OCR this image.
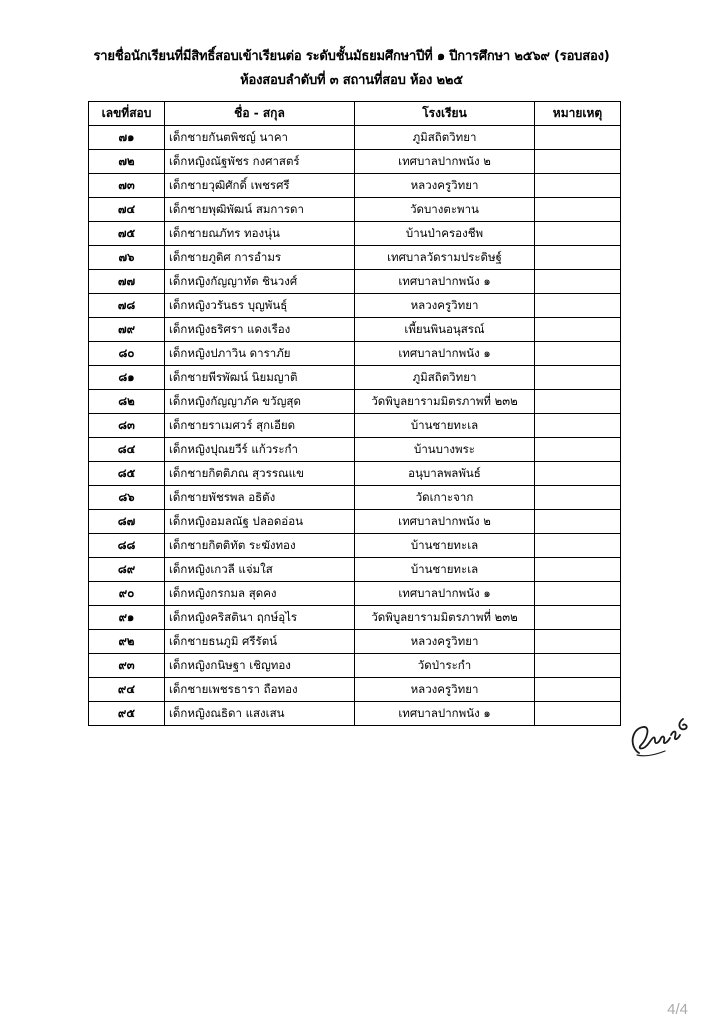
รายชื่อนักเรียนที่มีสิทธิ์สอบเข้าเรียนต่อ ระดับชั้นมัธยมศึกษาปีที่ ๑ ปีการศึกษา ๒๕๖๙ (รอบสอง)
ห้องสอบลำดับที่ ๓ สถานที่สอบ ห้อง ๒๒๕
เลขที่สอบ	ชื่อ - สกุล	โรงเรียน	หมายเหตุ
๗๑	เด็กชายกันตพิชญ์ นาคา	ภูมิสถิตวิทยา	
๗๒	เด็กหญิงณัฐพัชร กงศาสตร์	เทศบาลปากพนัง ๒	
๗๓	เด็กชายวุฒิศักดิ์ เพชรศรี	หลวงครูวิทยา	
๗๔	เด็กชายพุฒิพัฒน์ สมการดา	วัดบางตะพาน	
๗๕	เด็กชายณภัทร ทองนุ่น	บ้านป่าครองชีพ	
๗๖	เด็กชายภูดิศ การอำมร	เทศบาลวัดรามประดิษฐ์	
๗๗	เด็กหญิงกัญญาทัต ชินวงศ์	เทศบาลปากพนัง ๑	
๗๘	เด็กหญิงวรันธร บุญพันธุ์	หลวงครูวิทยา	
๗๙	เด็กหญิงธริศรา แดงเรือง	เพี้ยนพินอนุสรณ์	
๘๐	เด็กหญิงปภาวิน ดาราภัย	เทศบาลปากพนัง ๑	
๘๑	เด็กชายพีรพัฒน์ นิยมญาติ	ภูมิสถิตวิทยา	
๘๒	เด็กหญิงกัญญาภัค ขวัญสุด	วัดพิบูลยารามมิตรภาพที่ ๒๓๒	
๘๓	เด็กชายราเมศวร์ สุกเอียด	บ้านชายทะเล	
๘๔	เด็กหญิงปุณยวีร์ แก้วระกำ	บ้านบางพระ	
๘๕	เด็กชายกิตติภณ สุวรรณแข	อนุบาลพลพันธ์	
๘๖	เด็กชายพัชรพล อธิตัง	วัดเกาะจาก	
๘๗	เด็กหญิงอมลณัฐ ปลอดอ่อน	เทศบาลปากพนัง ๒	
๘๘	เด็กชายกิตติทัต ระฆังทอง	บ้านชายทะเล	
๘๙	เด็กหญิงเกวลี แจ่มใส	บ้านชายทะเล	
๙๐	เด็กหญิงกรกมล สุดคง	เทศบาลปากพนัง ๑	
๙๑	เด็กหญิงคริสตินา ฤกษ์อุไร	วัดพิบูลยารามมิตรภาพที่ ๒๓๒	
๙๒	เด็กชายธนภูมิ ศรีรัตน์	หลวงครูวิทยา	
๙๓	เด็กหญิงกนิษฐา เชิญทอง	วัดป่าระกำ	
๙๔	เด็กชายเพชรธารา ถือทอง	หลวงครูวิทยา	
๙๕	เด็กหญิงณธิดา แสงเสน	เทศบาลปากพนัง ๑	
4/4
